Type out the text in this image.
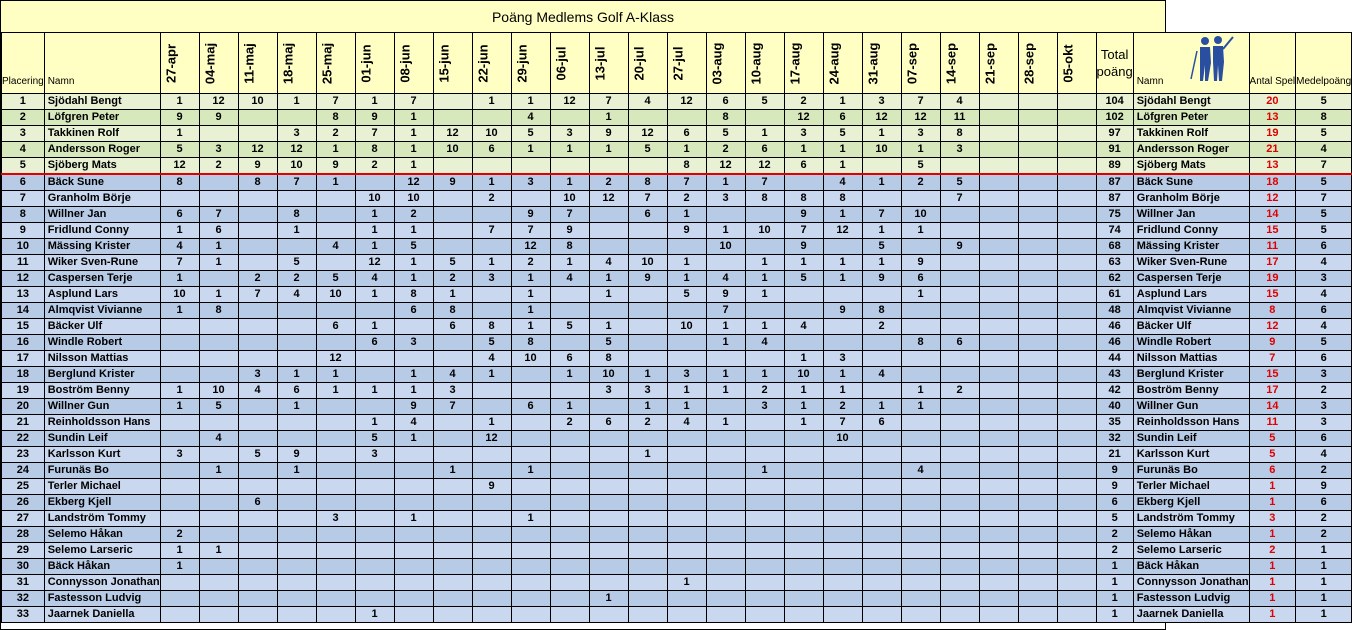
Poäng Medlems Golf A-Klass
Placering	Namn	27-apr	04-maj	11-maj	18-maj	25-maj	01-jun	08-jun	15-jun	22-jun	29-jun	06-jul	13-jul	20-jul	27-jul	03-aug	10-aug	17-aug	24-aug	31-aug	07-sep	14-sep	21-sep	28-sep	05-okt	Total
poäng	Namn	Antal Spel	Medelpoäng
1	Sjödahl Bengt	1	12	10	1	7	1	7		1	1	12	7	4	12	6	5	2	1	3	7	4				104	Sjödahl Bengt	20	5
2	Löfgren Peter	9	9			8	9	1			4		1			8		12	6	12	12	11				102	Löfgren Peter	13	8
3	Takkinen Rolf	1			3	2	7	1	12	10	5	3	9	12	6	5	1	3	5	1	3	8				97	Takkinen Rolf	19	5
4	Andersson Roger	5	3	12	12	1	8	1	10	6	1	1	1	5	1	2	6	1	1	10	1	3				91	Andersson Roger	21	4
5	Sjöberg Mats	12	2	9	10	9	2	1							8	12	12	6	1		5					89	Sjöberg Mats	13	7
6	Bäck Sune	8		8	7	1		12	9	1	3	1	2	8	7	1	7		4	1	2	5				87	Bäck Sune	18	5
7	Granholm Börje						10	10		2		10	12	7	2	3	8	8	8			7				87	Granholm Börje	12	7
8	Willner Jan	6	7		8		1	2			9	7		6	1			9	1	7	10					75	Willner Jan	14	5
9	Fridlund Conny	1	6		1		1	1		7	7	9			9	1	10	7	12	1	1					74	Fridlund Conny	15	5
10	Mässing Krister	4	1			4	1	5			12	8				10		9		5		9				68	Mässing Krister	11	6
11	Wiker Sven-Rune	7	1		5		12	1	5	1	2	1	4	10	1		1	1	1	1	9					63	Wiker Sven-Rune	17	4
12	Caspersen Terje	1		2	2	5	4	1	2	3	1	4	1	9	1	4	1	5	1	9	6					62	Caspersen Terje	19	3
13	Asplund Lars	10	1	7	4	10	1	8	1		1		1		5	9	1				1					61	Asplund Lars	15	4
14	Almqvist Vivianne	1	8					6	8		1					7			9	8						48	Almqvist Vivianne	8	6
15	Bäcker Ulf					6	1		6	8	1	5	1		10	1	1	4		2						46	Bäcker Ulf	12	4
16	Windle Robert						6	3		5	8		5			1	4				8	6				46	Windle Robert	9	5
17	Nilsson Mattias					12				4	10	6	8					1	3							44	Nilsson Mattias	7	6
18	Berglund Krister			3	1	1		1	4	1		1	10	1	3	1	1	10	1	4						43	Berglund Krister	15	3
19	Boström Benny	1	10	4	6	1	1	1	3				3	3	1	1	2	1	1		1	2				42	Boström Benny	17	2
20	Willner Gun	1	5		1			9	7		6	1		1	1		3	1	2	1	1					40	Willner Gun	14	3
21	Reinholdsson Hans						1	4		1		2	6	2	4	1		1	7	6						35	Reinholdsson Hans	11	3
22	Sundin Leif		4				5	1		12									10							32	Sundin Leif	5	6
23	Karlsson Kurt	3		5	9		3							1												21	Karlsson Kurt	5	4
24	Furunäs Bo		1		1				1		1						1				4					9	Furunäs Bo	6	2
25	Terler Michael									9																9	Terler Michael	1	9
26	Ekberg Kjell			6																						6	Ekberg Kjell	1	6
27	Landström Tommy					3		1			1															5	Landström Tommy	3	2
28	Selemo Håkan	2																								2	Selemo Håkan	1	2
29	Selemo Larseric	1	1																							2	Selemo Larseric	2	1
30	Bäck Håkan	1																								1	Bäck Håkan	1	1
31	Connysson Jonathan														1											1	Connysson Jonathan	1	1
32	Fastesson Ludvig												1													1	Fastesson Ludvig	1	1
33	Jaarnek Daniella						1																			1	Jaarnek Daniella	1	1
